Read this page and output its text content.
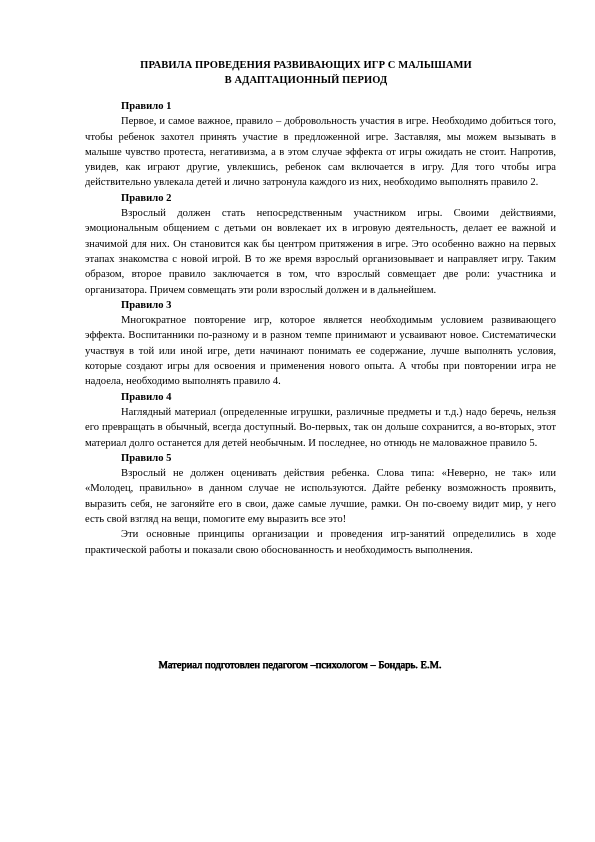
ПРАВИЛА ПРОВЕДЕНИЯ РАЗВИВАЮЩИХ ИГР С МАЛЫШАМИ
В АДАПТАЦИОННЫЙ ПЕРИОД

Правило 1

Первое, и самое важное, правило – добровольность участия в игре. Необходимо добиться того, чтобы ребенок захотел принять участие в предложенной игре. Заставляя, мы можем вызывать в малыше чувство протеста, негативизма, а в этом случае эффекта от игры ожидать не стоит. Напротив, увидев, как играют другие, увлекшись, ребенок сам включается в игру. Для того чтобы игра действительно увлекала детей и лично затронула каждого из них, необходимо выполнять правило 2.

Правило 2

Взрослый должен стать непосредственным участником игры. Своими действиями, эмоциональным общением с детьми он вовлекает их в игровую деятельность, делает ее важной и значимой для них. Он становится как бы центром притяжения в игре. Это особенно важно на первых этапах знакомства с новой игрой. В то же время взрослый организовывает и направляет игру. Таким образом, второе правило заключается в том, что взрослый совмещает две роли: участника и организатора. Причем совмещать эти роли взрослый должен и в дальнейшем.

Правило 3

Многократное повторение игр, которое является необходимым условием развивающего эффекта. Воспитанники по-разному и в разном темпе принимают и усваивают новое. Систематически участвуя в той или иной игре, дети начинают понимать ее содержание, лучше выполнять условия, которые создают игры для освоения и применения нового опыта. А чтобы при повторении игра не надоела, необходимо выполнять правило 4.

Правило 4

Наглядный материал (определенные игрушки, различные предметы и т.д.) надо беречь, нельзя его превращать в обычный, всегда доступный. Во-первых, так он дольше сохранится, а во-вторых, этот материал долго останется для детей необычным. И последнее, но отнюдь не маловажное правило 5.

Правило 5

Взрослый не должен оценивать действия ребенка. Слова типа: «Неверно, не так» или «Молодец, правильно» в данном случае не используются. Дайте ребенку возможность проявить, выразить себя, не загоняйте его в свои, даже самые лучшие, рамки. Он по-своему видит мир, у него есть свой взгляд на вещи, помогите ему выразить все это!

Эти основные принципы организации и проведения игр-занятий определились в ходе практической работы и показали свою обоснованность и необходимость выполнения.

Материал подготовлен педагогом –психологом – Бондарь. Е.М.
